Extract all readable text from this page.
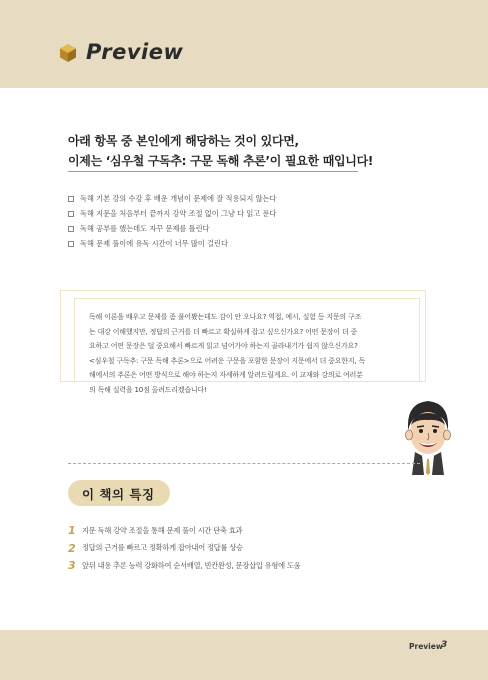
Preview
아래 항목 중 본인에게 해당하는 것이 있다면,
이제는 ‘심우철 구독추: 구문 독해 추론’이 필요한 때입니다!
독해 기본 강의 수강 후 배운 개념이 문제에 잘 적용되지 않는다
독해 지문을 처음부터 끝까지 강약 조절 없이 그냥 다 읽고 푼다
독해 공부를 했는데도 자꾸 문제를 틀린다
독해 문제 풀이에 유독 시간이 너무 많이 걸린다
독해 이론을 배우고 문제를 좀 풀어봤는데도 감이 안 오나요? 역접, 예시, 실험 등 지문의 구조
는 대강 이해했지만, 정답의 근거를 더 빠르고 확실하게 잡고 싶으신가요? 어떤 문장이 더 중
요하고 어떤 문장은 덜 중요해서 빠르게 읽고 넘어가야 하는지 골라내기가 쉽지 않으신가요?
<심우철 구독추: 구문 독해 추론>으로 어려운 구문을 포함한 문장이 지문에서 더 중요한지, 독
해에서의 추론은 어떤 방식으로 해야 하는지 자세하게 알려드릴게요. 이 교재와 강의로 여러분
의 독해 실력을 10점 올려드리겠습니다!
이 책의 특징
1 지문 독해 강약 조절을 통해 문제 풀이 시간 단축 효과
2 정답의 근거를 빠르고 정확하게 잡아내어 정답률 상승
3 앞뒤 내용 추론 능력 강화하여 순서배열, 빈칸완성, 문장삽입 유형에 도움
Preview
3
